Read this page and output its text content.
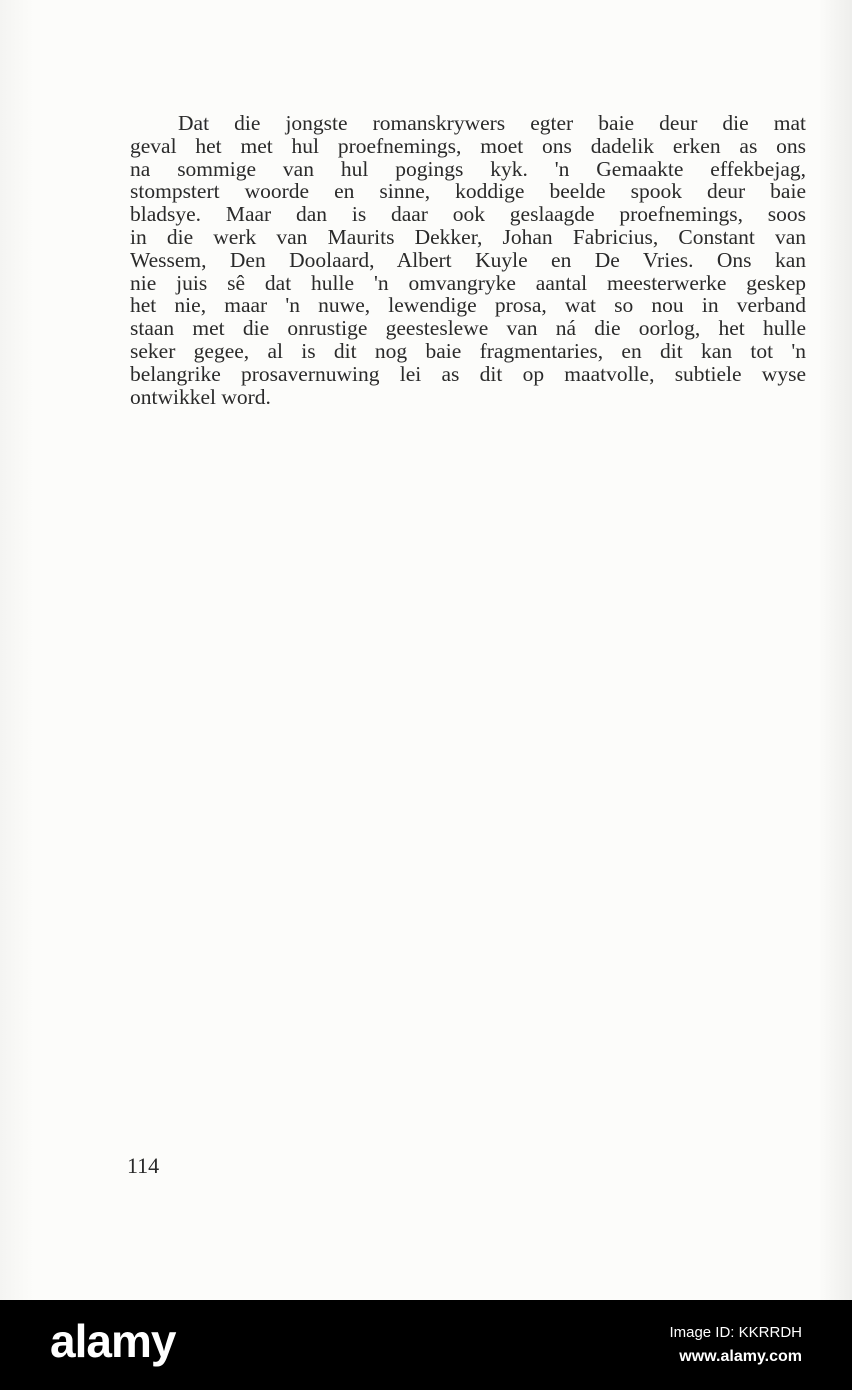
Dat die jongste romanskrywers egter baie deur die mat
geval het met hul proefnemings, moet ons dadelik erken as ons
na sommige van hul pogings kyk. 'n Gemaakte effekbejag,
stompstert woorde en sinne, koddige beelde spook deur baie
bladsye. Maar dan is daar ook geslaagde proefnemings, soos
in die werk van Maurits Dekker, Johan Fabricius, Constant van
Wessem, Den Doolaard, Albert Kuyle en De Vries. Ons kan
nie juis sê dat hulle 'n omvangryke aantal meesterwerke geskep
het nie, maar 'n nuwe, lewendige prosa, wat so nou in verband
staan met die onrustige geesteslewe van ná die oorlog, het hulle
seker gegee, al is dit nog baie fragmentaries, en dit kan tot 'n
belangrike prosavernuwing lei as dit op maatvolle, subtiele wyse
ontwikkel word.
114
alamy	Image ID: KKRRDH
www.alamy.com
